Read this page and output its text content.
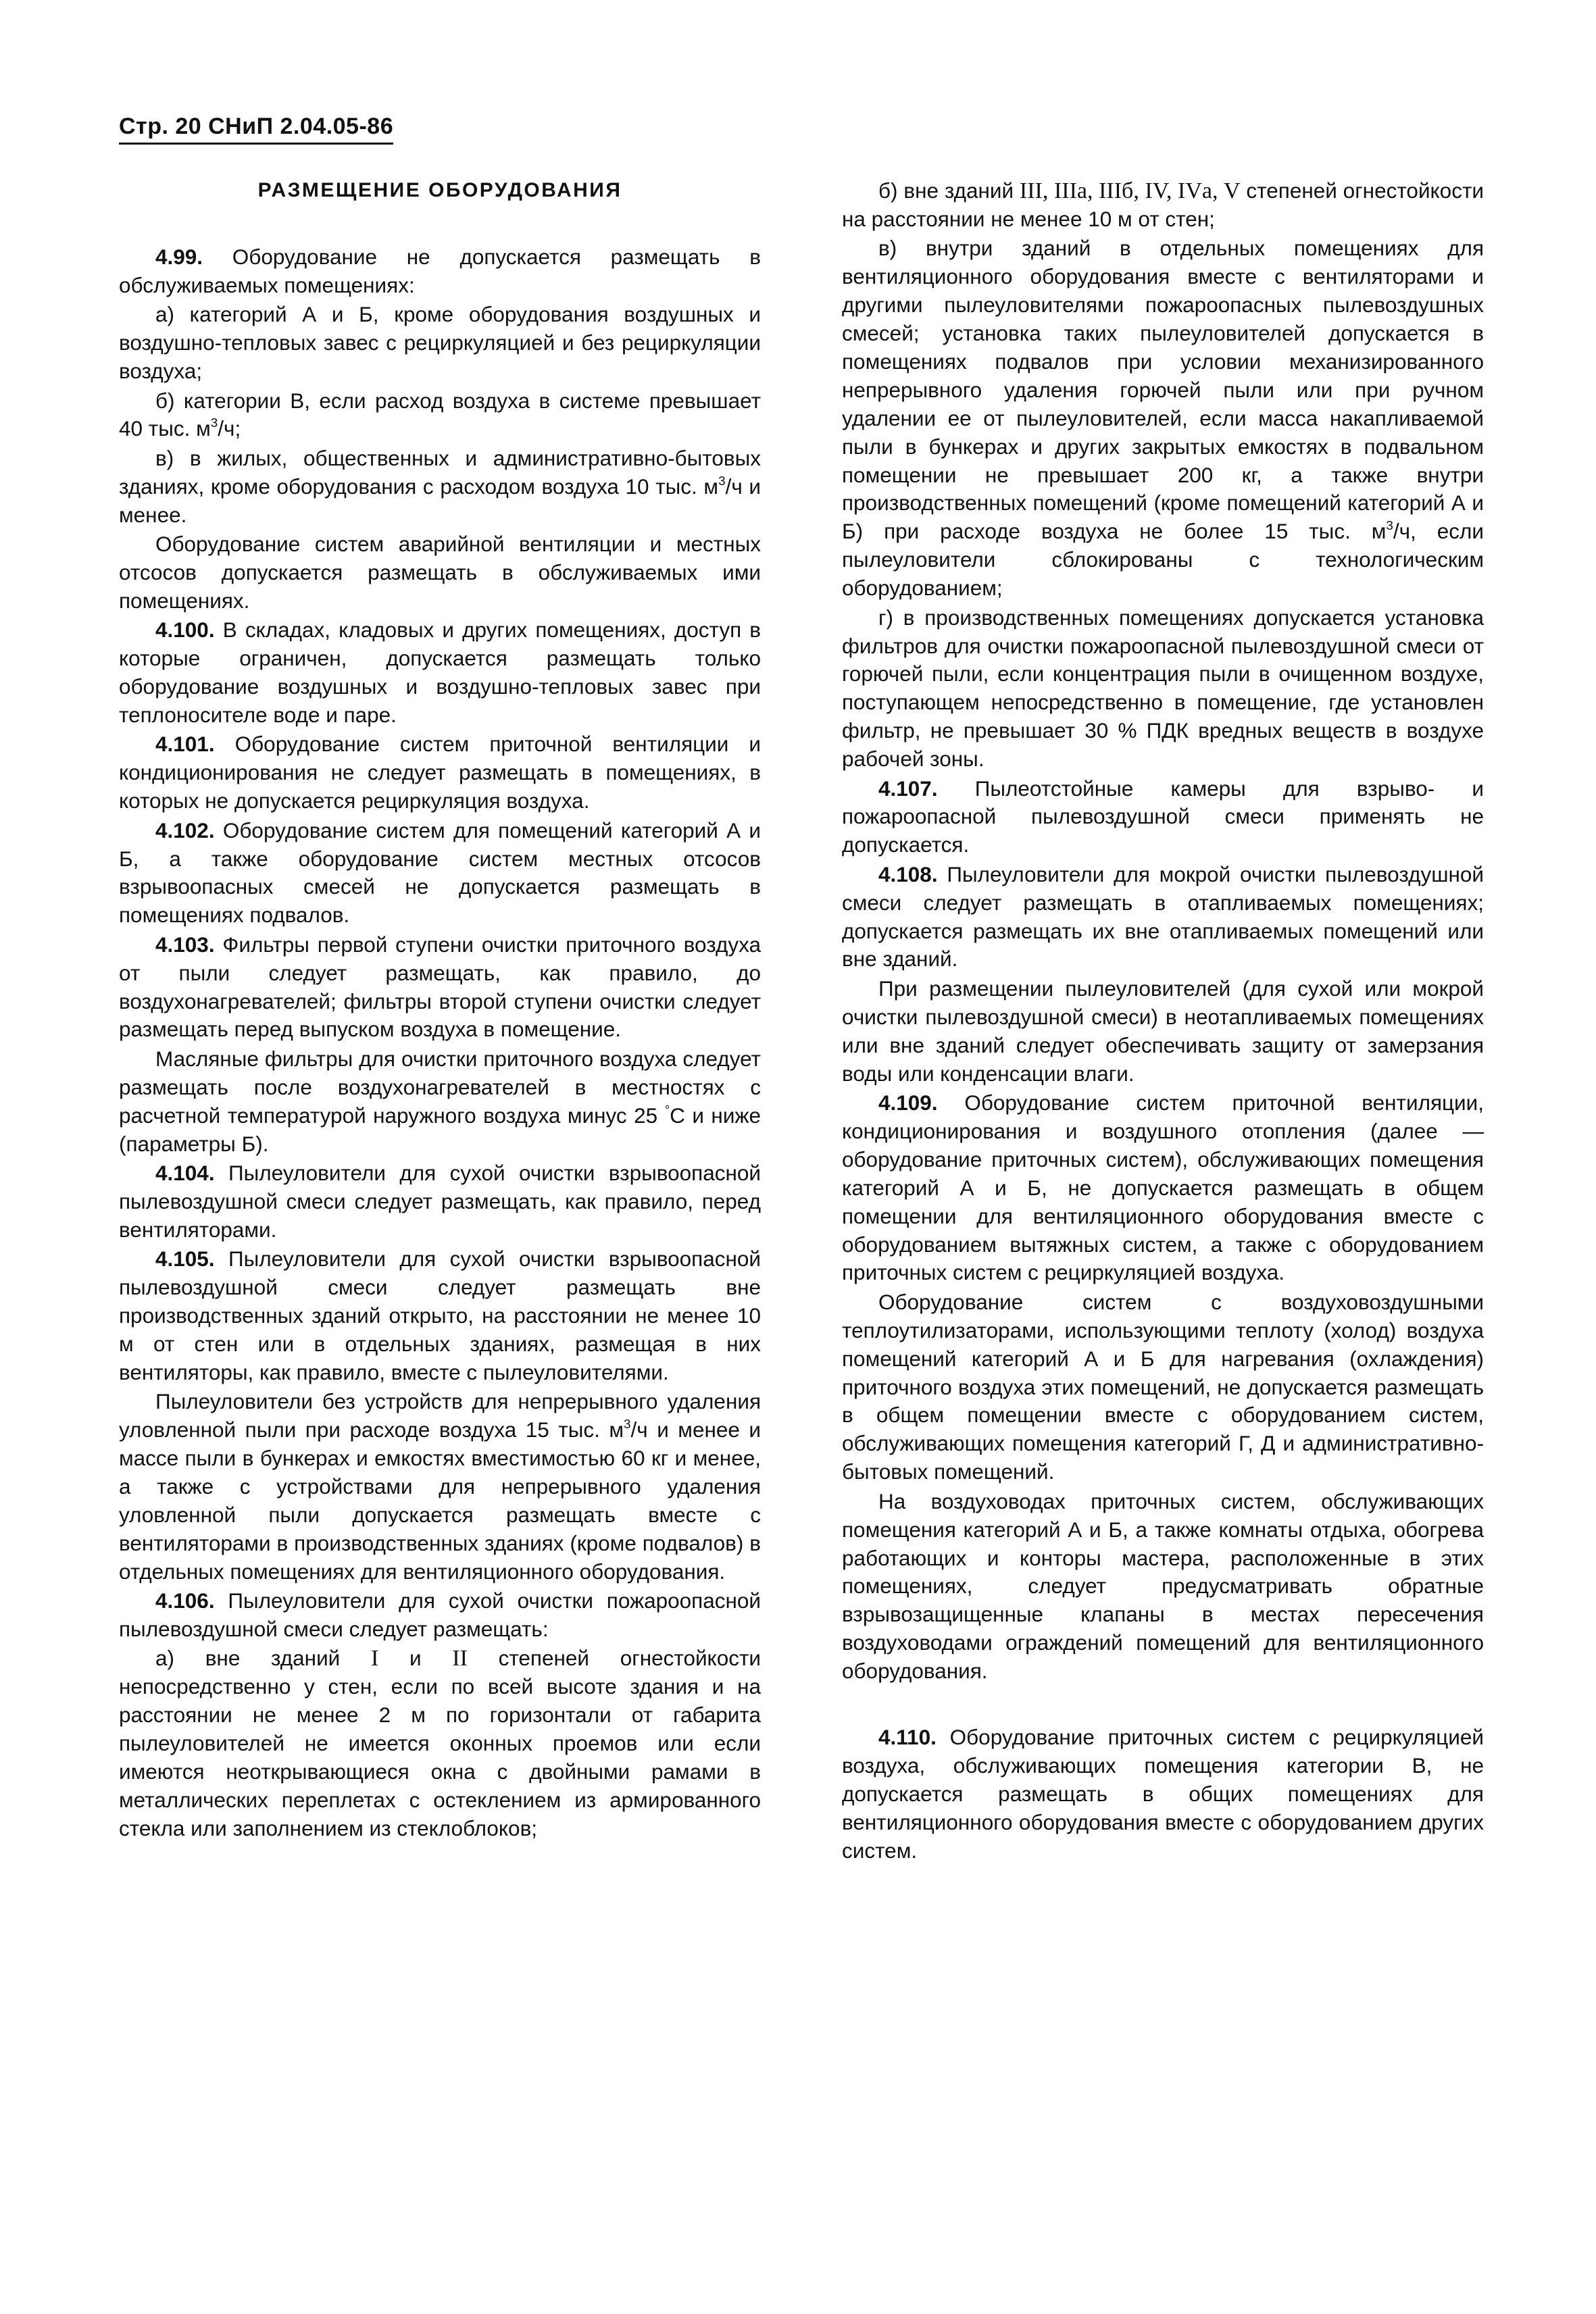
Стр. 20 СНиП 2.04.05-86
РАЗМЕЩЕНИЕ ОБОРУДОВАНИЯ

4.99. Оборудование не допускается размещать в обслуживаемых помещениях:

а) категорий А и Б, кроме оборудования воздушных и воздушно-тепловых завес с рециркуляцией и без рециркуляции воздуха;

б) категории В, если расход воздуха в системе превышает 40 тыс. $м^3/ч$;

в) в жилых, общественных и административно-бытовых зданиях, кроме оборудования с расходом воздуха 10 тыс. $м^3/ч$ и менее.

Оборудование систем аварийной вентиляции и местных отсосов допускается размещать в обслуживаемых ими помещениях.

4.100. В складах, кладовых и других помещениях, доступ в которые ограничен, допускается размещать только оборудование воздушных и воздушно-тепловых завес при теплоносителе воде и паре.

4.101. Оборудование систем приточной вентиляции и кондиционирования не следует размещать в помещениях, в которых не допускается рециркуляция воздуха.

4.102. Оборудование систем для помещений категорий А и Б, а также оборудование систем местных отсосов взрывоопасных смесей не допускается размещать в помещениях подвалов.

4.103. Фильтры первой ступени очистки приточного воздуха от пыли следует размещать, как правило, до воздухонагревателей; фильтры второй ступени очистки следует размещать перед выпуском воздуха в помещение.

Масляные фильтры для очистки приточного воздуха следует размещать после воздухонагревателей в местностях с расчетной температурой наружного воздуха минус 25 °С и ниже (параметры Б).

4.104. Пылеуловители для сухой очистки взрывоопасной пылевоздушной смеси следует размещать, как правило, перед вентиляторами.

4.105. Пылеуловители для сухой очистки взрывоопасной пылевоздушной смеси следует размещать вне производственных зданий открыто, на расстоянии не менее 10 м от стен или в отдельных зданиях, размещая в них вентиляторы, как правило, вместе с пылеуловителями.

Пылеуловители без устройств для непрерывного удаления уловленной пыли при расходе воздуха 15 тыс. $м^3/ч$ и менее и массе пыли в бункерах и емкостях вместимостью 60 кг и менее, а также с устройствами для непрерывного удаления уловленной пыли допускается размещать вместе с вентиляторами в производственных зданиях (кроме подвалов) в отдельных помещениях для вентиляционного оборудования.

4.106. Пылеуловители для сухой очистки пожароопасной пылевоздушной смеси следует размещать:

а) вне зданий I и II степеней огнестойкости непосредственно у стен, если по всей высоте здания и на расстоянии не менее 2 м по горизонтали от габарита пылеуловителей не имеется оконных проемов или если имеются неоткрывающиеся окна с двойными рамами в металлических переплетах с остеклением из армированного стекла или заполнением из стеклоблоков;

б) вне зданий III, IIIа, IIIб, IV, IVа, V степеней огнестойкости на расстоянии не менее 10 м от стен;

в) внутри зданий в отдельных помещениях для вентиляционного оборудования вместе с вентиляторами и другими пылеуловителями пожароопасных пылевоздушных смесей; установка таких пылеуловителей допускается в помещениях подвалов при условии механизированного непрерывного удаления горючей пыли или при ручном удалении ее от пылеуловителей, если масса накапливаемой пыли в бункерах и других закрытых емкостях в подвальном помещении не превышает 200 кг, а также внутри производственных помещений (кроме помещений категорий А и Б) при расходе воздуха не более 15 тыс. $м^3/ч$, если пылеуловители сблокированы с технологическим оборудованием;

г) в производственных помещениях допускается установка фильтров для очистки пожароопасной пылевоздушной смеси от горючей пыли, если концентрация пыли в очищенном воздухе, поступающем непосредственно в помещение, где установлен фильтр, не превышает 30 % ПДК вредных веществ в воздухе рабочей зоны.

4.107. Пылеотстойные камеры для взрыво- и пожароопасной пылевоздушной смеси применять не допускается.

4.108. Пылеуловители для мокрой очистки пылевоздушной смеси следует размещать в отапливаемых помещениях; допускается размещать их вне отапливаемых помещений или вне зданий.

При размещении пылеуловителей (для сухой или мокрой очистки пылевоздушной смеси) в неотапливаемых помещениях или вне зданий следует обеспечивать защиту от замерзания воды или конденсации влаги.

4.109. Оборудование систем приточной вентиляции, кондиционирования и воздушного отопления (далее — оборудование приточных систем), обслуживающих помещения категорий А и Б, не допускается размещать в общем помещении для вентиляционного оборудования вместе с оборудованием вытяжных систем, а также с оборудованием приточных систем с рециркуляцией воздуха.

Оборудование систем с воздуховоздушными теплоутилизаторами, использующими теплоту (холод) воздуха помещений категорий А и Б для нагревания (охлаждения) приточного воздуха этих помещений, не допускается размещать в общем помещении вместе с оборудованием систем, обслуживающих помещения категорий Г, Д и административно-бытовых помещений.

На воздуховодах приточных систем, обслуживающих помещения категорий А и Б, а также комнаты отдыха, обогрева работающих и конторы мастера, расположенные в этих помещениях, следует предусматривать обратные взрывозащищенные клапаны в местах пересечения воздуховодами ограждений помещений для вентиляционного оборудования.

4.110. Оборудование приточных систем с рециркуляцией воздуха, обслуживающих помещения категории В, не допускается размещать в общих помещениях для вентиляционного оборудования вместе с оборудованием других систем.
